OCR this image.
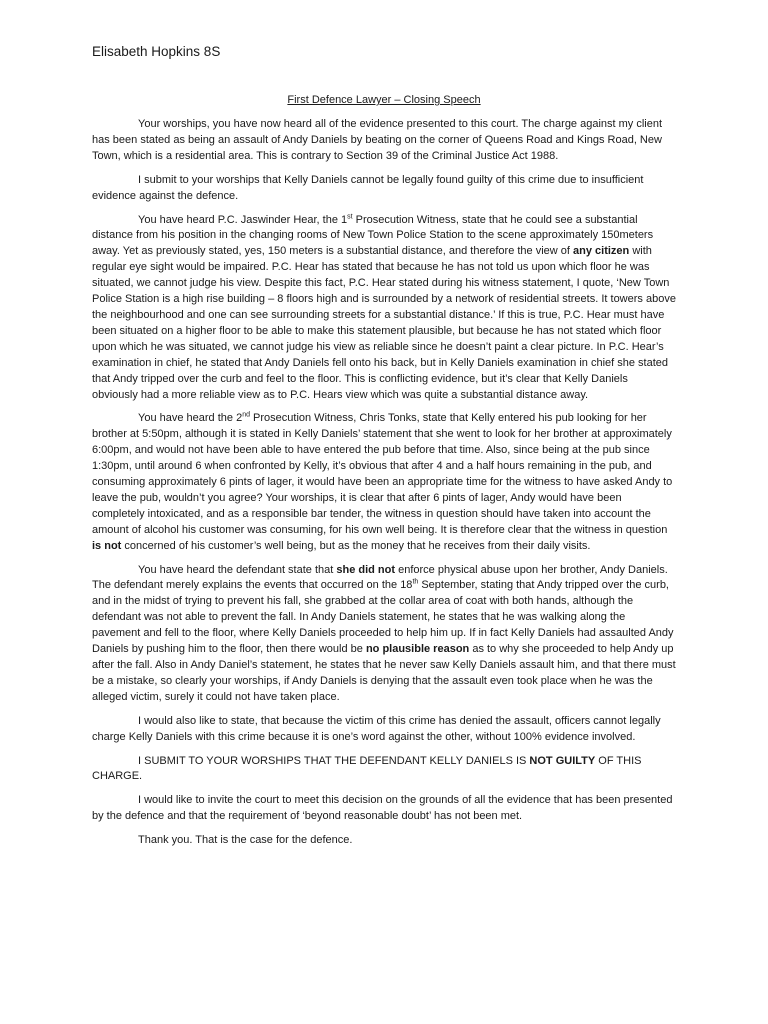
Elisabeth Hopkins 8S
First Defence Lawyer – Closing Speech

Your worships, you have now heard all of the evidence presented to this court. The charge against my client has been stated as being an assault of Andy Daniels by beating on the corner of Queens Road and Kings Road, New Town, which is a residential area. This is contrary to Section 39 of the Criminal Justice Act 1988.

I submit to your worships that Kelly Daniels cannot be legally found guilty of this crime due to insufficient evidence against the defence.

You have heard P.C. Jaswinder Hear, the 1st Prosecution Witness, state that he could see a substantial distance from his position in the changing rooms of New Town Police Station to the scene approximately 150meters away. Yet as previously stated, yes, 150 meters is a substantial distance, and therefore the view of any citizen with regular eye sight would be impaired. P.C. Hear has stated that because he has not told us upon which floor he was situated, we cannot judge his view. Despite this fact, P.C. Hear stated during his witness statement, I quote, ‘New Town Police Station is a high rise building – 8 floors high and is surrounded by a network of residential streets. It towers above the neighbourhood and one can see surrounding streets for a substantial distance.’ If this is true, P.C. Hear must have been situated on a higher floor to be able to make this statement plausible, but because he has not stated which floor upon which he was situated, we cannot judge his view as reliable since he doesn’t paint a clear picture. In P.C. Hear’s examination in chief, he stated that Andy Daniels fell onto his back, but in Kelly Daniels examination in chief she stated that Andy tripped over the curb and feel to the floor. This is conflicting evidence, but it’s clear that Kelly Daniels obviously had a more reliable view as to P.C. Hears view which was quite a substantial distance away.

You have heard the 2nd Prosecution Witness, Chris Tonks, state that Kelly entered his pub looking for her brother at 5:50pm, although it is stated in Kelly Daniels’ statement that she went to look for her brother at approximately 6:00pm, and would not have been able to have entered the pub before that time. Also, since being at the pub since 1:30pm, until around 6 when confronted by Kelly, it’s obvious that after 4 and a half hours remaining in the pub, and consuming approximately 6 pints of lager, it would have been an appropriate time for the witness to have asked Andy to leave the pub, wouldn’t you agree? Your worships, it is clear that after 6 pints of lager, Andy would have been completely intoxicated, and as a responsible bar tender, the witness in question should have taken into account the amount of alcohol his customer was consuming, for his own well being. It is therefore clear that the witness in question is not concerned of his customer’s well being, but as the money that he receives from their daily visits.

You have heard the defendant state that she did not enforce physical abuse upon her brother, Andy Daniels. The defendant merely explains the events that occurred on the 18th September, stating that Andy tripped over the curb, and in the midst of trying to prevent his fall, she grabbed at the collar area of coat with both hands, although the defendant was not able to prevent the fall. In Andy Daniels statement, he states that he was walking along the pavement and fell to the floor, where Kelly Daniels proceeded to help him up. If in fact Kelly Daniels had assaulted Andy Daniels by pushing him to the floor, then there would be no plausible reason as to why she proceeded to help Andy up after the fall. Also in Andy Daniel’s statement, he states that he never saw Kelly Daniels assault him, and that there must be a mistake, so clearly your worships, if Andy Daniels is denying that the assault even took place when he was the alleged victim, surely it could not have taken place.

I would also like to state, that because the victim of this crime has denied the assault, officers cannot legally charge Kelly Daniels with this crime because it is one’s word against the other, without 100% evidence involved.

I SUBMIT TO YOUR WORSHIPS THAT THE DEFENDANT KELLY DANIELS IS NOT GUILTY OF THIS CHARGE.

I would like to invite the court to meet this decision on the grounds of all the evidence that has been presented by the defence and that the requirement of ‘beyond reasonable doubt’ has not been met.

Thank you. That is the case for the defence.
